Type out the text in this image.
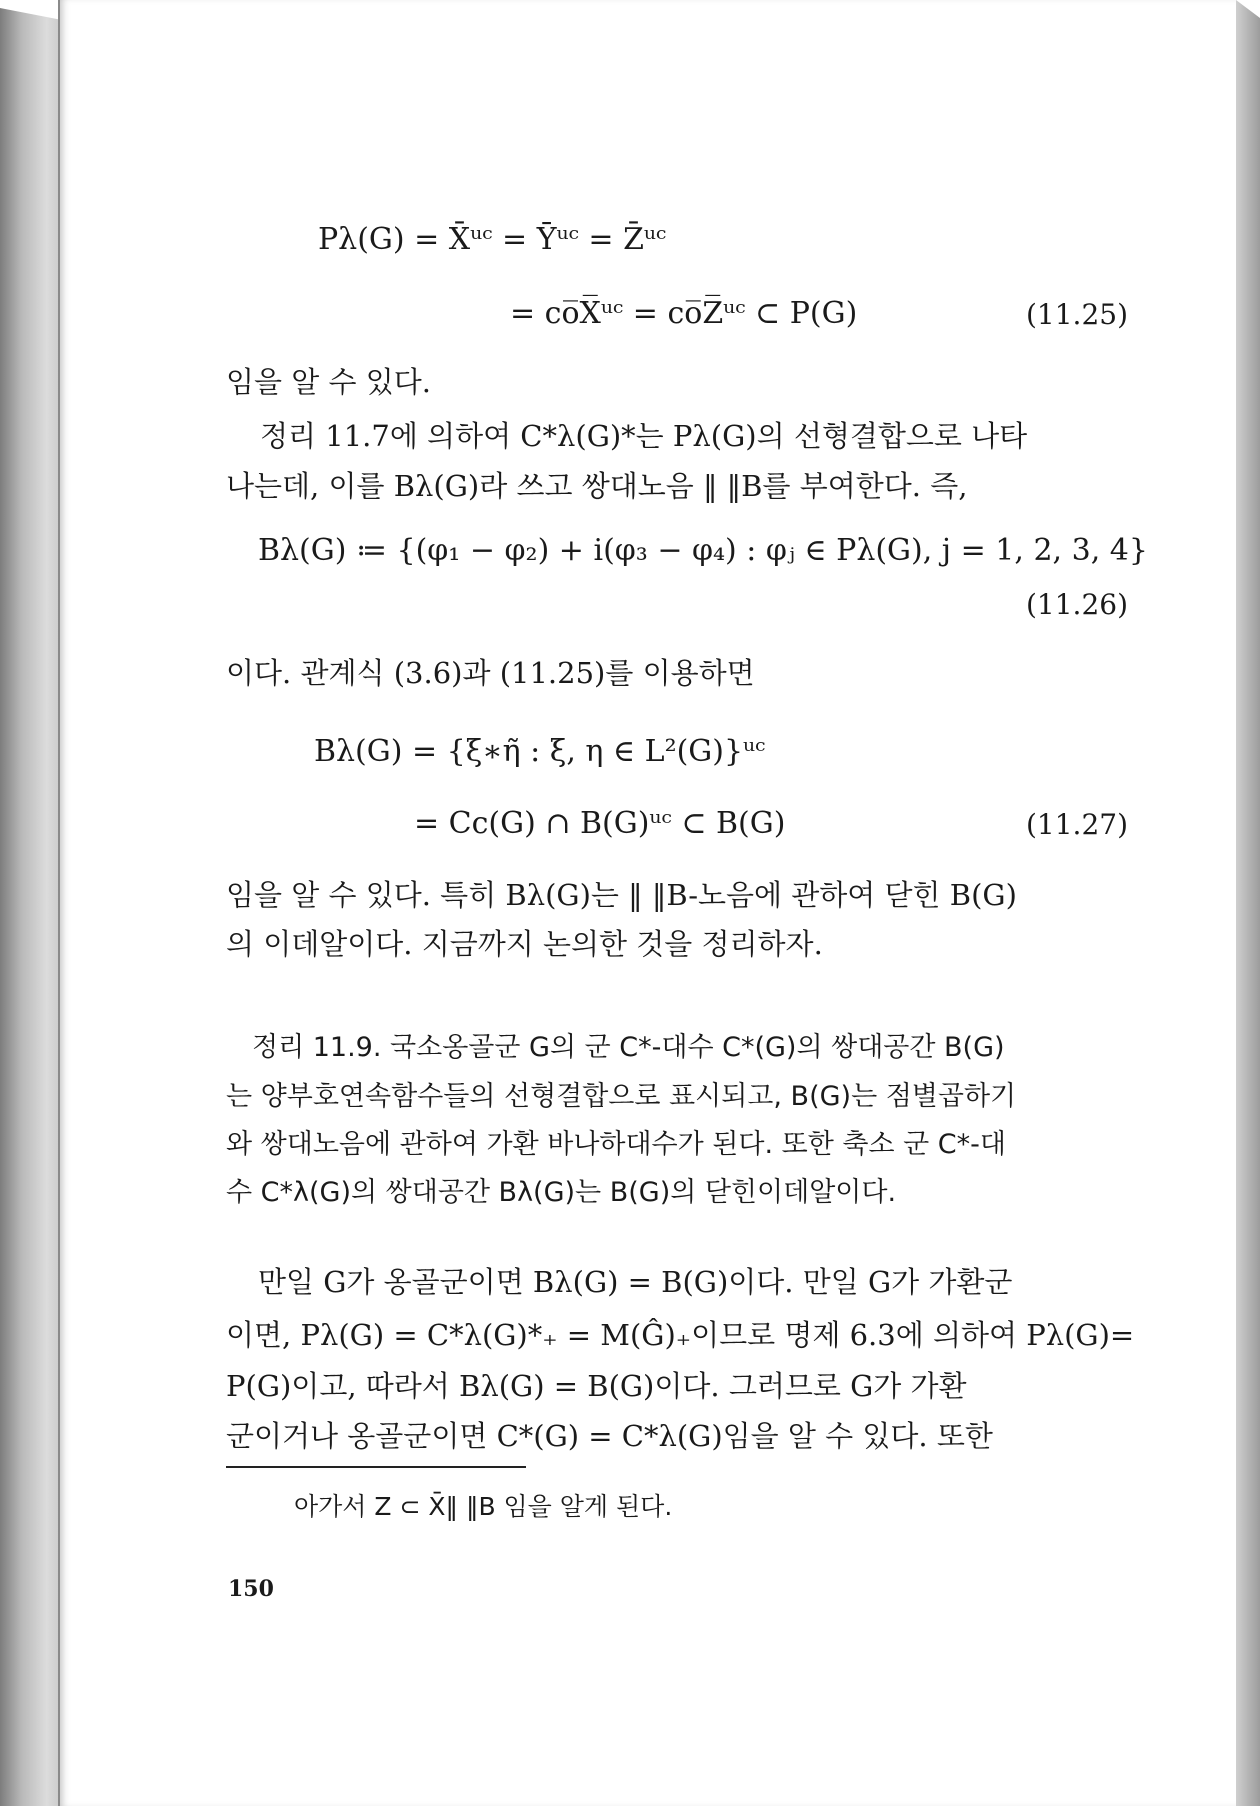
Pλ(G) = X̄ᵘᶜ = Ȳᵘᶜ = Z̄ᵘᶜ
= co̅X̅ᵘᶜ = co̅Z̅ᵘᶜ ⊂ P(G)	(11.25)
임을 알 수 있다.
정리 11.7에 의하여 C*λ(G)*는 Pλ(G)의 선형결합으로 나타
나는데, 이를 Bλ(G)라 쓰고 쌍대노음 ‖ ‖B를 부여한다. 즉,
Bλ(G) ≔ {(φ₁ − φ₂) + i(φ₃ − φ₄) : φⱼ ∈ Pλ(G), j = 1, 2, 3, 4}
(11.26)
이다. 관계식 (3.6)과 (11.25)를 이용하면
Bλ(G) = {ξ∗η̃ : ξ, η ∈ L²(G)}ᵘᶜ
= Cc(G) ∩ B(G)ᵘᶜ ⊂ B(G)	(11.27)
임을 알 수 있다. 특히 Bλ(G)는 ‖ ‖B-노음에 관하여 닫힌 B(G)
의 이데알이다. 지금까지 논의한 것을 정리하자.
정리 11.9. 국소옹골군 G의 군 C*-대수 C*(G)의 쌍대공간 B(G)
는 양부호연속함수들의 선형결합으로 표시되고, B(G)는 점별곱하기
와 쌍대노음에 관하여 가환 바나하대수가 된다. 또한 축소 군 C*-대
수 C*λ(G)의 쌍대공간 Bλ(G)는 B(G)의 닫힌이데알이다.
만일 G가 옹골군이면 Bλ(G) = B(G)이다. 만일 G가 가환군
이면, Pλ(G) = C*λ(G)*₊ = M(Ĝ)₊이므로 명제 6.3에 의하여 Pλ(G)=
P(G)이고, 따라서 Bλ(G) = B(G)이다. 그러므로 G가 가환
군이거나 옹골군이면 C*(G) = C*λ(G)임을 알 수 있다. 또한
아가서 Z ⊂ X̄‖ ‖B 임을 알게 된다.
150
